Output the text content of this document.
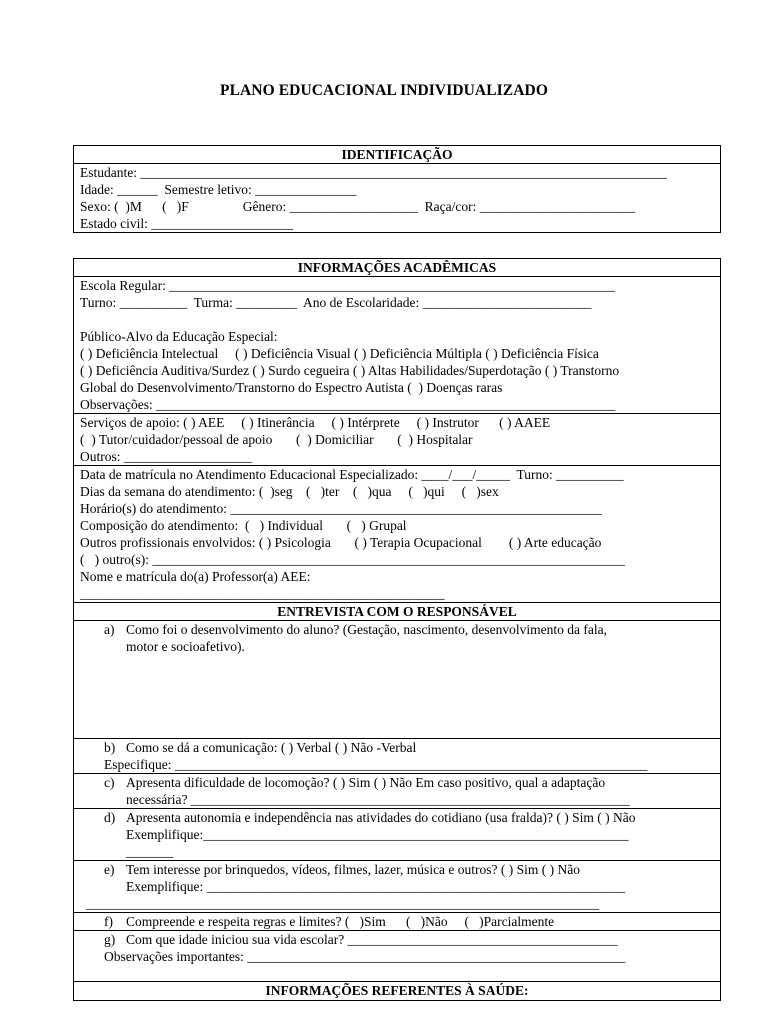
PLANO EDUCACIONAL INDIVIDUALIZADO
IDENTIFICAÇÃO
Estudante: ______________________________________________________________________________
Idade: ______  Semestre letivo: _______________
Sexo: (  )M      (   )F                Gênero: ___________________  Raça/cor: _______________________
Estado civil: _____________________
INFORMAÇÕES ACADÊMICAS
Escola Regular: __________________________________________________________________
Turno: __________  Turma: _________  Ano de Escolaridade: _________________________
Público-Alvo da Educação Especial:
( ) Deficiência Intelectual     ( ) Deficiência Visual ( ) Deficiência Múltipla ( ) Deficiência Física
( ) Deficiência Auditiva/Surdez ( ) Surdo cegueira ( ) Altas Habilidades/Superdotação ( ) Transtorno
Global do Desenvolvimento/Transtorno do Espectro Autista (  ) Doenças raras
Observações: ____________________________________________________________________
Serviços de apoio: ( ) AEE     ( ) Itinerância     ( ) Intérprete     ( ) Instrutor      ( ) AAEE
(  ) Tutor/cuidador/pessoal de apoio       (  ) Domiciliar       (  ) Hospitalar
Outros: ___________________
Data de matrícula no Atendimento Educacional Especializado: ____/___/_____  Turno: __________
Dias da semana do atendimento: (  )seg    (   )ter    (   )qua     (   )qui     (   )sex
Horário(s) do atendimento: _______________________________________________________
Composição do atendimento:  (   ) Individual       (   ) Grupal
Outros profissionais envolvidos: ( ) Psicologia       ( ) Terapia Ocupacional        ( ) Arte educação
(   ) outro(s): ______________________________________________________________________
Nome e matrícula do(a) Professor(a) AEE:
______________________________________________________
ENTREVISTA COM O RESPONSÁVEL
a) Como foi o desenvolvimento do aluno? (Gestação, nascimento, desenvolvimento da fala,
motor e socioafetivo).
b) Como se dá a comunicação: ( ) Verbal ( ) Não -Verbal
Especifique: ______________________________________________________________________
c) Apresenta dificuldade de locomoção? ( ) Sim ( ) Não Em caso positivo, qual a adaptação
necessária? _________________________________________________________________
d) Apresenta autonomia e independência nas atividades do cotidiano (usa fralda)? ( ) Sim ( ) Não
Exemplifique:_______________________________________________________________
_______
e) Tem interesse por brinquedos, vídeos, filmes, lazer, música e outros? ( ) Sim ( ) Não
Exemplifique: ______________________________________________________________
____________________________________________________________________________
f) Compreende e respeita regras e limites? (   )Sim      (   )Não     (   )Parcialmente
g) Com que idade iniciou sua vida escolar? ________________________________________
Observações importantes: ________________________________________________________
INFORMAÇÕES REFERENTES À SAÚDE:
